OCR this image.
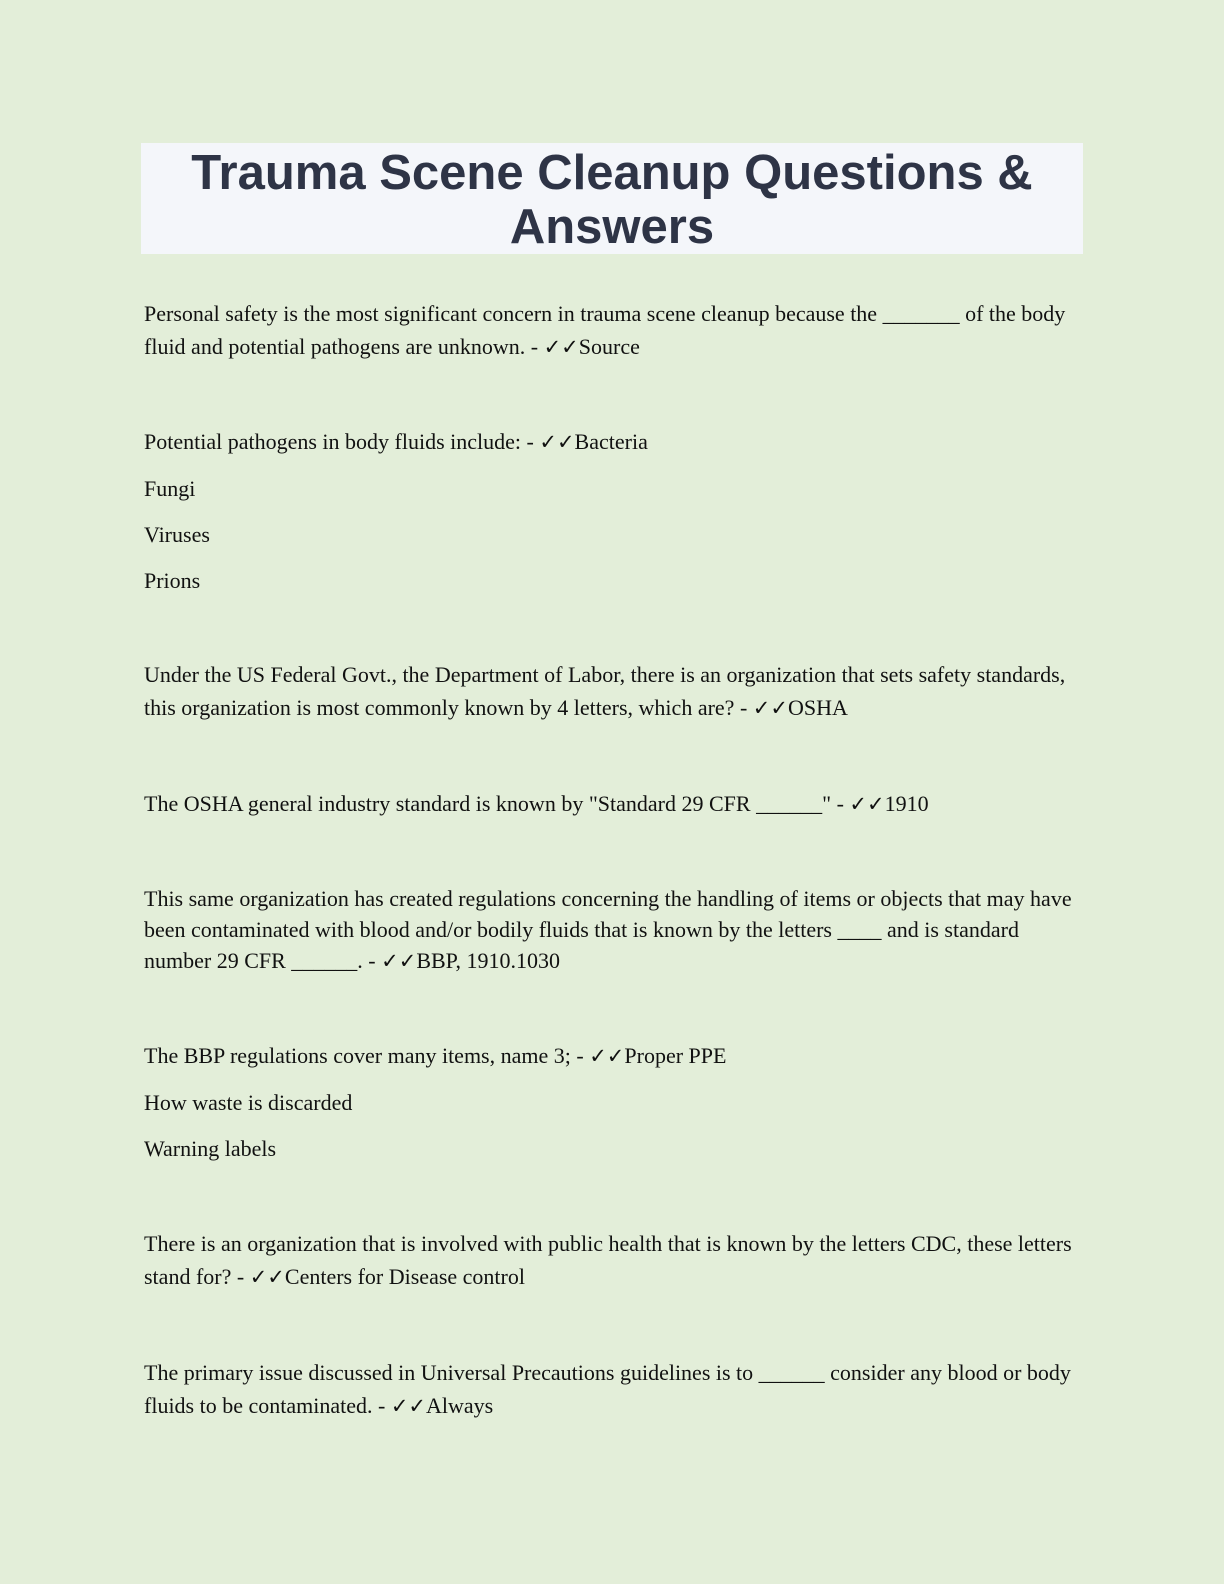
Trauma Scene Cleanup Questions & Answers

Personal safety is the most significant concern in trauma scene cleanup because the _______ of the body fluid and potential pathogens are unknown. - ✓✓Source

Potential pathogens in body fluids include: - ✓✓Bacteria

Fungi

Viruses

Prions

Under the US Federal Govt., the Department of Labor, there is an organization that sets safety standards, this organization is most commonly known by 4 letters, which are? - ✓✓OSHA

The OSHA general industry standard is known by "Standard 29 CFR ______" - ✓✓1910

This same organization has created regulations concerning the handling of items or objects that may have been contaminated with blood and/or bodily fluids that is known by the letters ____ and is standard number 29 CFR ______. - ✓✓BBP, 1910.1030

The BBP regulations cover many items, name 3; - ✓✓Proper PPE

How waste is discarded

Warning labels

There is an organization that is involved with public health that is known by the letters CDC, these letters stand for? - ✓✓Centers for Disease control

The primary issue discussed in Universal Precautions guidelines is to ______ consider any blood or body fluids to be contaminated. - ✓✓Always
